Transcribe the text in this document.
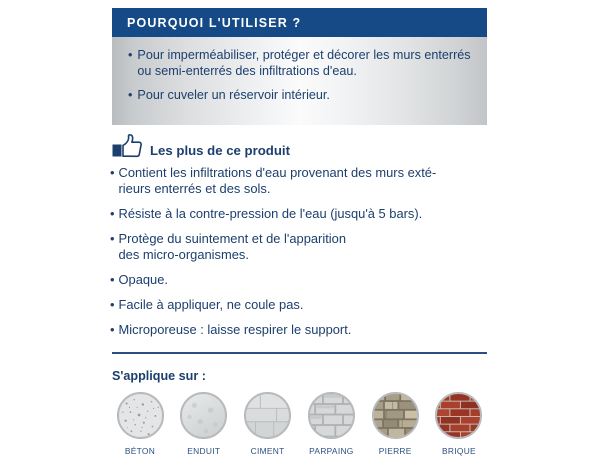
POURQUOI L'UTILISER ?
• Pour imperméabiliser, protéger et décorer les murs enterrés ou semi-enterrés des infiltrations d'eau.
• Pour cuveler un réservoir intérieur.
Les plus de ce produit
• Contient les infiltrations d'eau provenant des murs exté-
rieurs enterrés et des sols.
• Résiste à la contre-pression de l'eau (jusqu'à 5 bars).
• Protège du suintement et de l'apparition
des micro-organismes.
• Opaque.
• Facile à appliquer, ne coule pas.
• Microporeuse : laisse respirer le support.
S'applique sur :
BÉTON	ENDUIT	CIMENT	PARPAING	PIERRE	BRIQUE
